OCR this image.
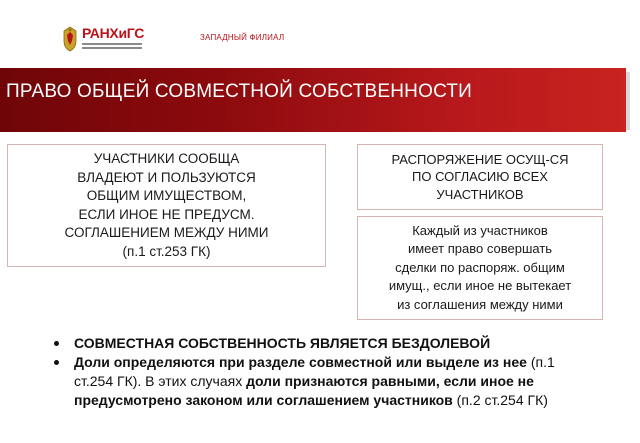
РАНХиГС	ЗАПАДНЫЙ ФИЛИАЛ
ПРАВО ОБЩЕЙ СОВМЕСТНОЙ СОБСТВЕННОСТИ
УЧАСТНИКИ СООБЩА
ВЛАДЕЮТ И ПОЛЬЗУЮТСЯ
ОБЩИМ ИМУЩЕСТВОМ,
ЕСЛИ ИНОЕ НЕ ПРЕДУСМ.
СОГЛАШЕНИЕМ МЕЖДУ НИМИ
(п.1 ст.253 ГК)
РАСПОРЯЖЕНИЕ ОСУЩ-СЯ
ПО СОГЛАСИЮ ВСЕХ
УЧАСТНИКОВ
Каждый из участников
имеет право совершать
сделки по распоряж. общим
имущ., если иное не вытекает
из соглашения между ними
СОВМЕСТНАЯ СОБСТВЕННОСТЬ ЯВЛЯЕТСЯ БЕЗДОЛЕВОЙ
Доли определяются при разделе совместной или выделе из нее (п.1 ст.254 ГК). В этих случаях доли признаются равными, если иное не предусмотрено законом или соглашением участников (п.2 ст.254 ГК)
